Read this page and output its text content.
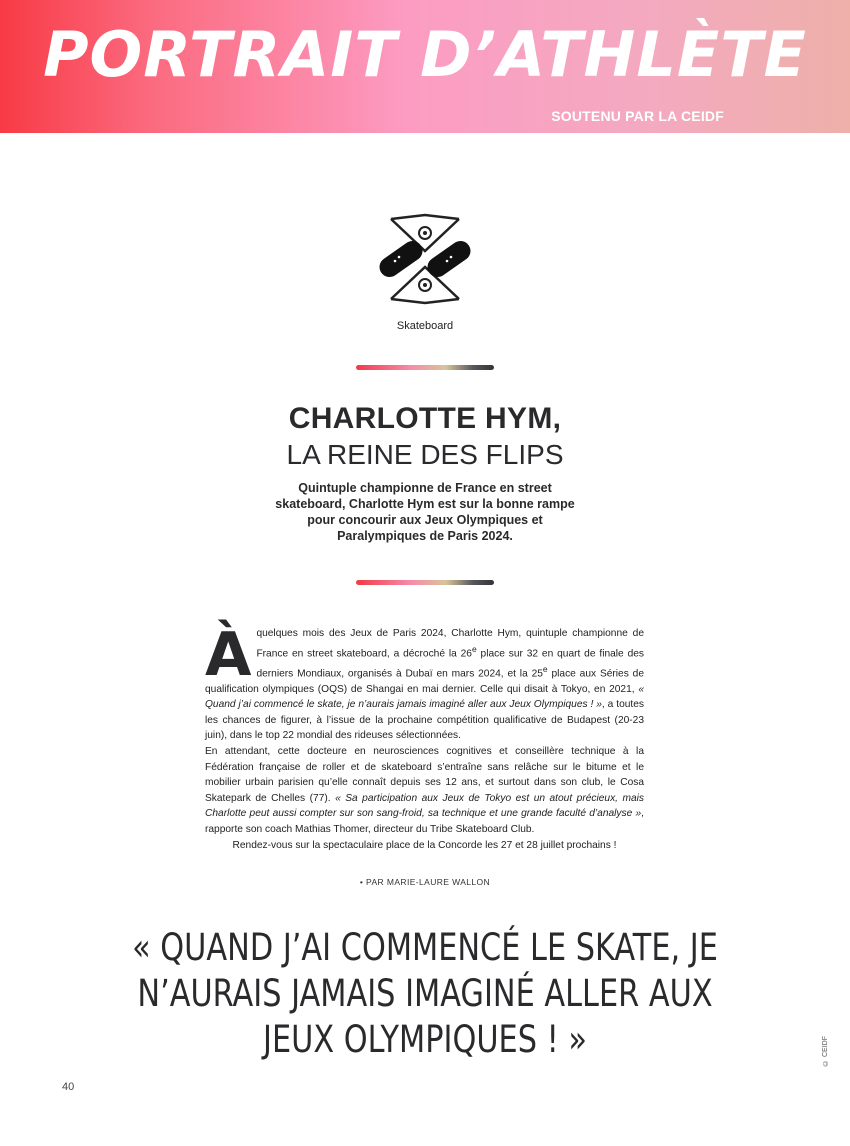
PORTRAIT D’ATHLÈTE
SOUTENU PAR LA CEIDF
Skateboard
CHARLOTTE HYM,
LA REINE DES FLIPS
Quintuple championne de France en street skateboard, Charlotte Hym est sur la bonne rampe pour concourir aux Jeux Olympiques et Paralympiques de Paris 2024.

À quelques mois des Jeux de Paris 2024, Charlotte Hym, quintuple championne de France en street skateboard, a décroché la 26e place sur 32 en quart de finale des derniers Mondiaux, organisés à Dubaï en mars 2024, et la 25e place aux Séries de qualification olympiques (OQS) de Shangai en mai dernier. Celle qui disait à Tokyo, en 2021, « Quand j’ai commencé le skate, je n’aurais jamais imaginé aller aux Jeux Olympiques ! », a toutes les chances de figurer, à l’issue de la prochaine compétition qualificative de Budapest (20-23 juin), dans le top 22 mondial des rideuses sélectionnées.

En attendant, cette docteure en neurosciences cognitives et conseillère technique à la Fédération française de roller et de skateboard s’entraîne sans relâche sur le bitume et le mobilier urbain parisien qu’elle connaît depuis ses 12 ans, et surtout dans son club, le Cosa Skatepark de Chelles (77). « Sa participation aux Jeux de Tokyo est un atout précieux, mais Charlotte peut aussi compter sur son sang-froid, sa technique et une grande faculté d’analyse », rapporte son coach Mathias Thomer, directeur du Tribe Skateboard Club.

Rendez-vous sur la spectaculaire place de la Concorde les 27 et 28 juillet prochains !

• PAR MARIE-LAURE WALLON
« QUAND J’AI COMMENCÉ LE SKATE, JE N’AURAIS JAMAIS IMAGINÉ ALLER AUX JEUX OLYMPIQUES ! »
40
© CEIDF
